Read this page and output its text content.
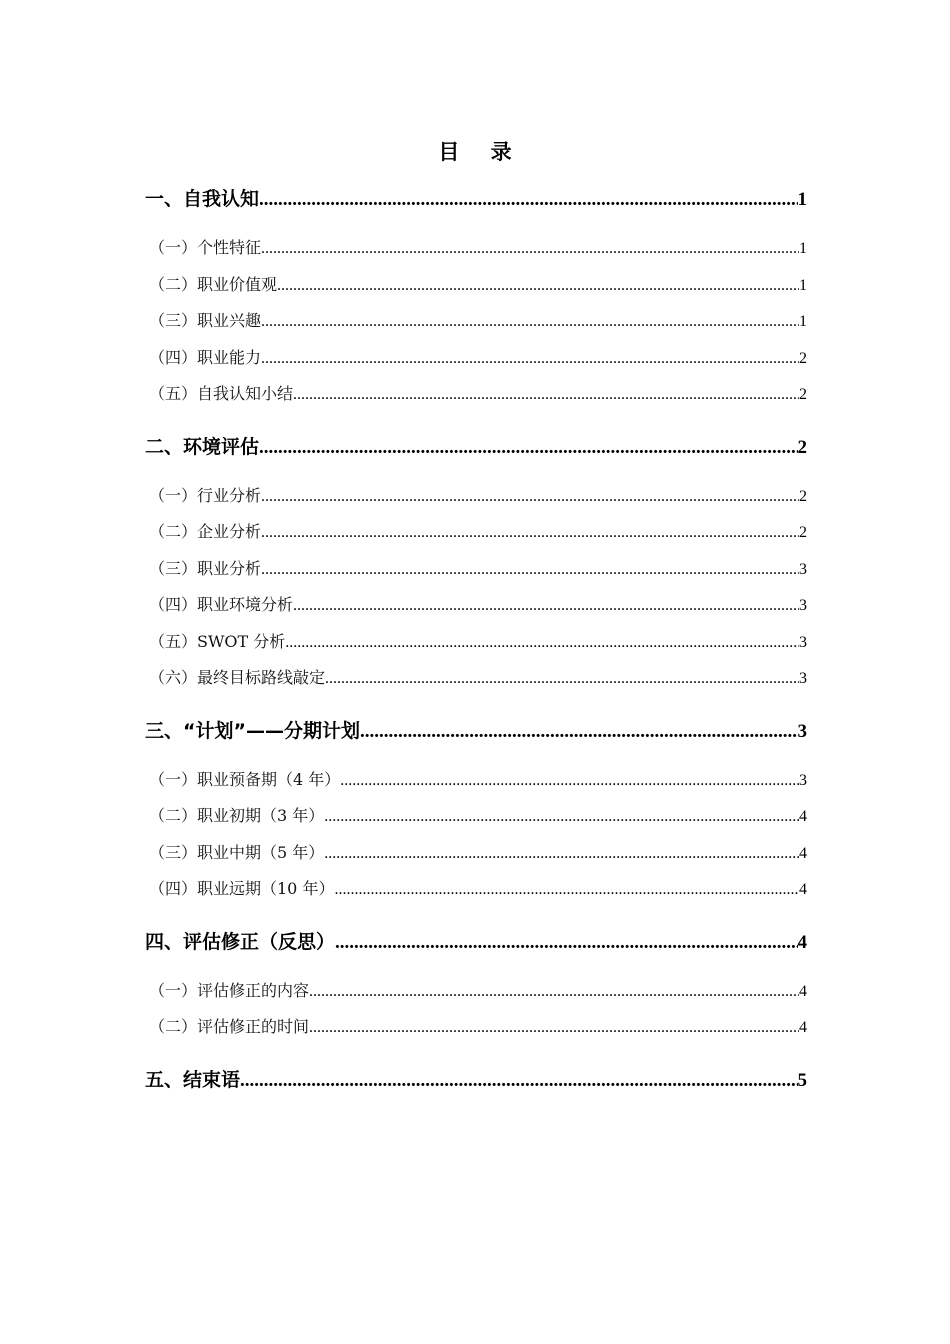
目 录
一、自我认知 .....	1
（一）个性特征 .....	1
（二）职业价值观 .....	1
（三）职业兴趣 .....	1
（四）职业能力 .....	2
（五）自我认知小结 .....	2
二、环境评估 .....	2
（一）行业分析 .....	2
（二）企业分析 .....	2
（三）职业分析 .....	3
（四）职业环境分析 .....	3
（五）SWOT 分析 .....	3
（六）最终目标路线敲定 .....	3
三、“计划”——分期计划 .....	3
（一）职业预备期（4 年） .....	3
（二）职业初期（3 年） .....	4
（三）职业中期（5 年） .....	4
（四）职业远期（10 年） .....	4
四、评估修正（反思） .....	4
（一）评估修正的内容 .....	4
（二）评估修正的时间 .....	4
五、结束语 .....	5
